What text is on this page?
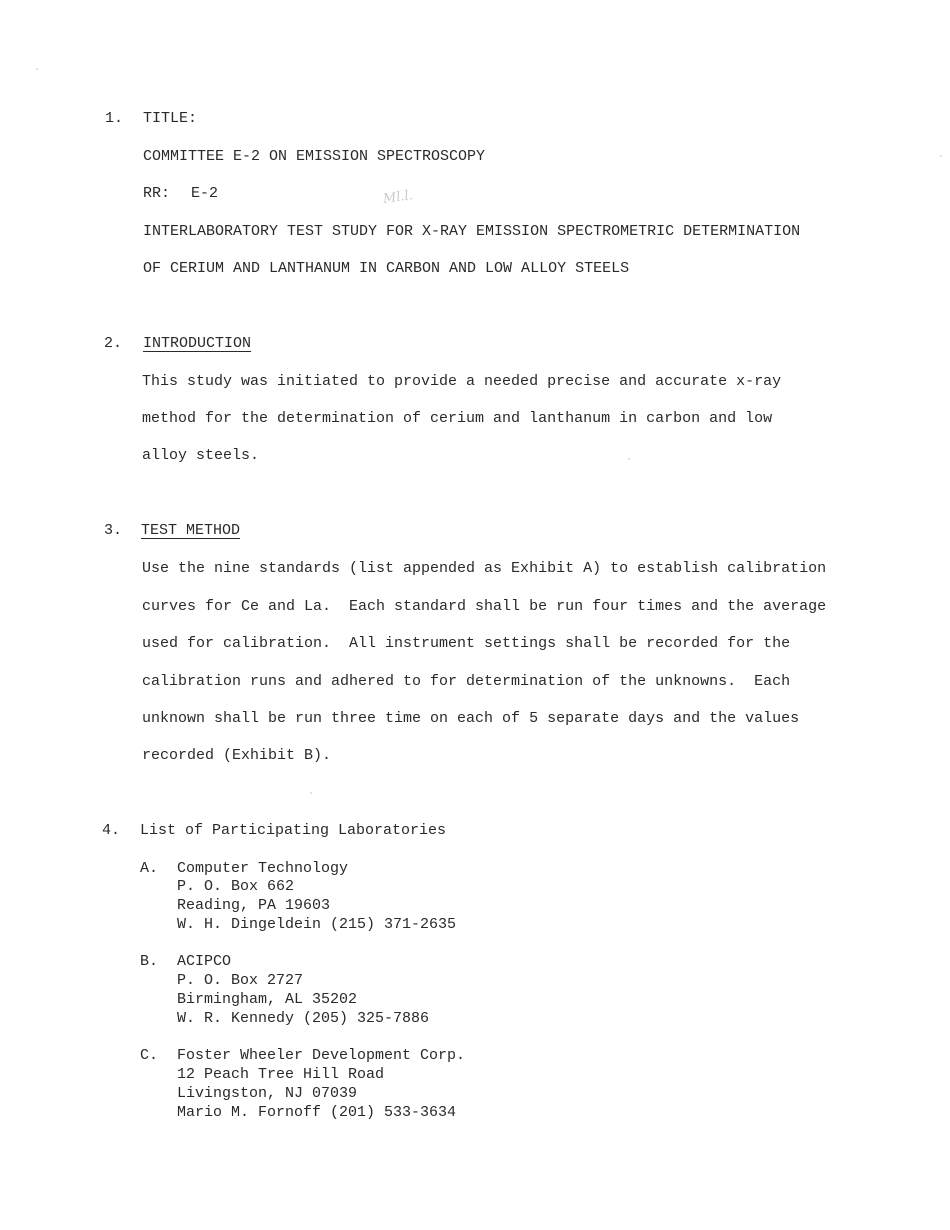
1. TITLE:
COMMITTEE E-2 ON EMISSION SPECTROSCOPY
RR: E-2	Ml.l.
INTERLABORATORY TEST STUDY FOR X-RAY EMISSION SPECTROMETRIC DETERMINATION
OF CERIUM AND LANTHANUM IN CARBON AND LOW ALLOY STEELS
2. INTRODUCTION
This study was initiated to provide a needed precise and accurate x-ray
method for the determination of cerium and lanthanum in carbon and low
alloy steels.
3. TEST METHOD
Use the nine standards (list appended as Exhibit A) to establish calibration
curves for Ce and La.  Each standard shall be run four times and the average
used for calibration.  All instrument settings shall be recorded for the
calibration runs and adhered to for determination of the unknowns.  Each
unknown shall be run three time on each of 5 separate days and the values
recorded (Exhibit B).
4. List of Participating Laboratories
A. Computer Technology
P. O. Box 662
Reading, PA 19603
W. H. Dingeldein (215) 371-2635
B. ACIPCO
P. O. Box 2727
Birmingham, AL 35202
W. R. Kennedy (205) 325-7886
C. Foster Wheeler Development Corp.
12 Peach Tree Hill Road
Livingston, NJ 07039
Mario M. Fornoff (201) 533-3634
